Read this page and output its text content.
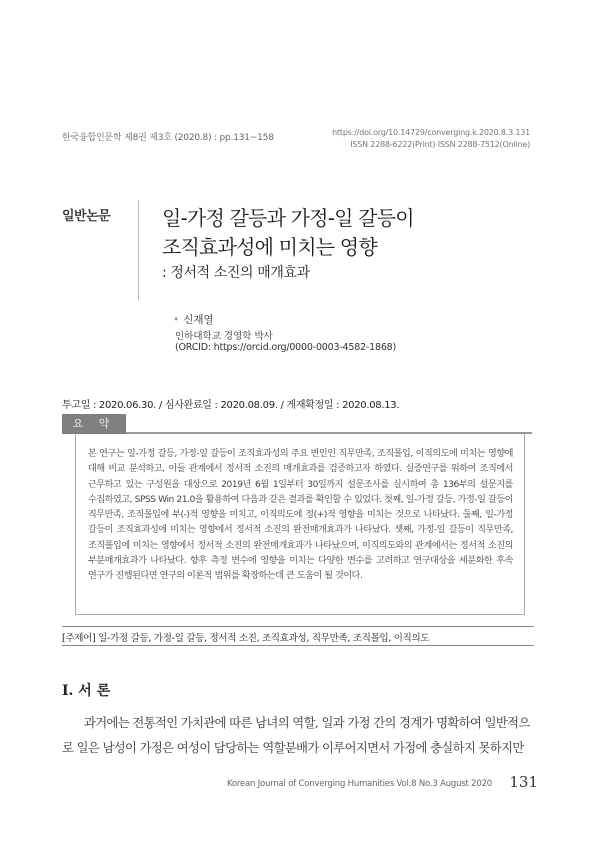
한국융합인문학 제8권 제3호 (2020.8) : pp.131~158
https://doi.org/10.14729/converging.k.2020.8.3.131
ISSN 2288-6222(Print) ISSN 2288-7512(Online)
일반논문	일-가정 갈등과 가정-일 갈등이
조직효과성에 미치는 영향
: 정서적 소진의 매개효과
• 신재열
인하대학교 경영학 박사
(ORCID: https://orcid.org/0000-0003-4582-1868)
투고일 : 2020.06.30. / 심사완료일 : 2020.08.09. / 게재확정일 : 2020.08.13.
요 약
본 연구는 일-가정 갈등, 가정-일 갈등이 조직효과성의 주요 변인인 직무만족, 조직몰입, 이직의도에 미치는 영향에 대해 비교 분석하고, 이들 관계에서 정서적 소진의 매개효과를 검증하고자 하였다. 실증연구를 위하여 조직에서 근무하고 있는 구성원을 대상으로 2019년 6월 1일부터 30일까지 설문조사를 실시하여 총 136부의 설문지를 수집하였고, SPSS Win 21.0을 활용하여 다음과 같은 결과를 확인할 수 있었다. 첫째, 일-가정 갈등, 가정-일 갈등이 직무만족, 조직몰입에 부(-)적 영향을 미치고, 이직의도에 정(+)적 영향을 미치는 것으로 나타났다. 둘째, 일-가정 갈등이 조직효과성에 미치는 영향에서 정서적 소진의 완전매개효과가 나타났다. 셋째, 가정-일 갈등이 직무만족, 조직몰입에 미치는 영향에서 정서적 소진의 완전매개효과가 나타났으며, 이직의도와의 관계에서는 정서적 소진의 부분매개효과가 나타났다. 향후 측정 변수에 영향을 미치는 다양한 변수를 고려하고 연구대상을 세분화한 후속 연구가 진행된다면 연구의 이론적 범위를 확장하는데 큰 도움이 될 것이다.
[주제어] 일-가정 갈등, 가정-일 갈등, 정서적 소진, 조직효과성, 직무만족, 조직몰입, 이직의도
I. 서 론
과거에는 전통적인 가치관에 따른 남녀의 역할, 일과 가정 간의 경계가 명확하여 일반적으
로 일은 남성이 가정은 여성이 담당하는 역할분배가 이루어지면서 가정에 충실하지 못하지만
Korean Journal of Converging Humanities Vol.8 No.3 August 2020 131
